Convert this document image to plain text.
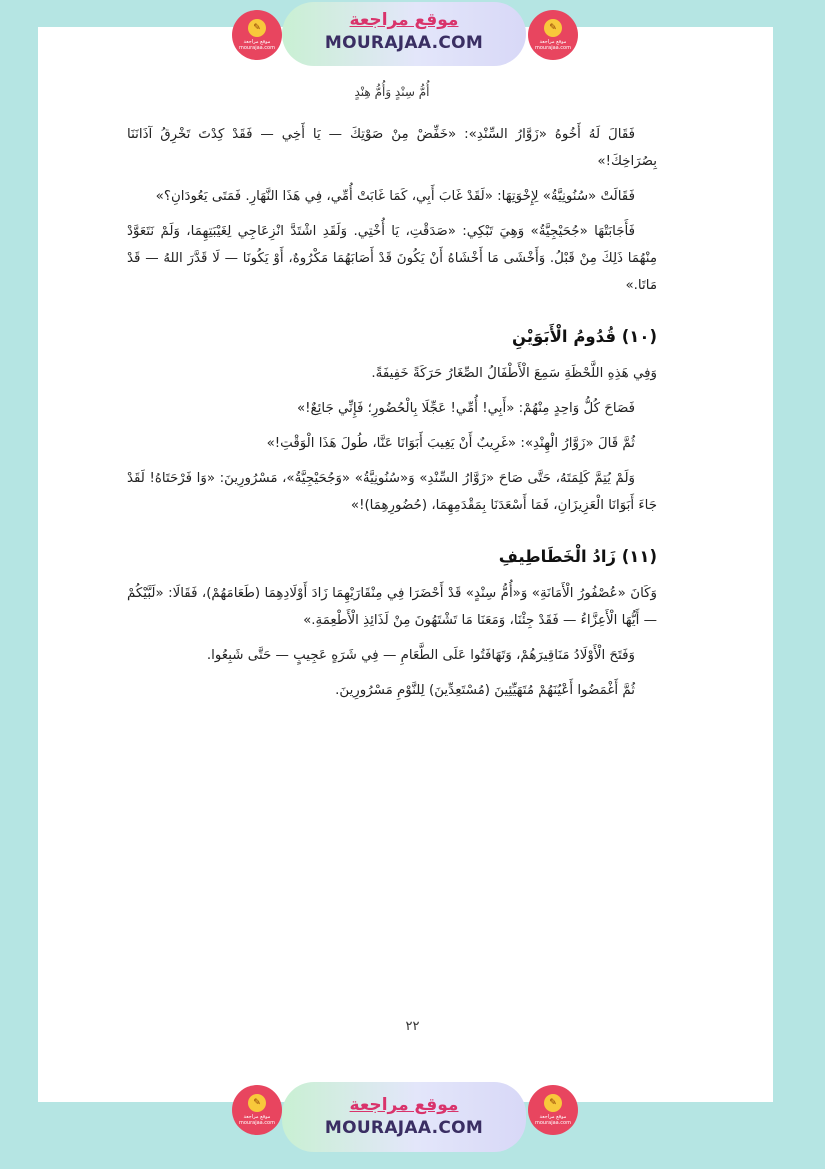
✎
موقع مراجعة mourajaa.com
موقع مراجعة
MOURAJAA.COM
✎
موقع مراجعة mourajaa.com
أُمُّ سِنْدٍ وَأُمُّ هِنْدٍ

فَقَالَ لَهُ أَخُوهُ «زَوَّارُ السِّنْدِ»: «خَفِّضْ مِنْ صَوْتِكَ — يَا أَخِي — فَقَدْ كِدْتَ تَخْرِقُ آذَانَنَا بِصُرَاخِكَ!»

فَقَالَتْ «سُنُونِيَّةُ» لِإِخْوَتِهَا: «لَقَدْ غَابَ أَبِي، كَمَا غَابَتْ أُمِّي، فِي هَذَا النَّهَارِ. فَمَتَى يَعُودَانِ؟»

فَأَجَابَتْهَا «جُحَيْجِيَّةُ» وَهِيَ تَبْكِي: «صَدَقْتِ، يَا أُخْتِي. وَلَقَدِ اشْتَدَّ انْزِعَاجِي لِغَيْبَتِهِمَا، وَلَمْ نَتَعَوَّدْ مِنْهُمَا ذَلِكَ مِنْ قَبْلُ. وَأَخْشَى مَا أَخْشَاهُ أَنْ يَكُونَ قَدْ أَصَابَهُمَا مَكْرُوهٌ، أَوْ يَكُونَا — لَا قَدَّرَ اللهُ — قَدْ مَاتَا.»

(١٠) قُدُومُ الْأَبَوَيْنِ

وَفِي هَذِهِ اللَّحْظَةِ سَمِعَ الْأَطْفَالُ الصِّغَارُ حَرَكَةً خَفِيفَةً.

فَصَاحَ كُلُّ وَاحِدٍ مِنْهُمْ: «أَبِي! أُمِّي! عَجِّلَا بِالْحُضُورِ؛ فَإِنِّي جَائِعٌ!»

ثُمَّ قَالَ «زَوَّارُ الْهِنْدِ»: «غَرِيبٌ أَنْ يَغِيبَ أَبَوَانَا عَنَّا، طُولَ هَذَا الْوَقْتِ!»

وَلَمْ يُتِمَّ كَلِمَتَهُ، حَتَّى صَاحَ «زَوَّارُ السِّنْدِ» وَ«سُنُونِيَّةُ» «وَجُحَيْجِيَّةُ»، مَسْرُورِينَ: «وَا فَرْحَتَاهُ! لَقَدْ جَاءَ أَبَوَانَا الْعَزِيزَانِ، فَمَا أَسْعَدَنَا بِمَقْدَمِهِمَا، (حُضُورِهِمَا)!»

(١١) زَادُ الْخَطَاطِيفِ

وَكَانَ «عُصْفُورُ الْأَمَانَةِ» وَ«أُمُّ سِنْدٍ» قَدْ أَحْضَرَا فِي مِنْقَارَيْهِمَا زَادَ أَوْلَادِهِمَا (طَعَامَهُمْ)، فَقَالَا: «لَبَّيْكُمْ — أَيُّهَا الْأَعِزَّاءُ — فَقَدْ جِئْنَا، وَمَعَنَا مَا تَشْتَهُونَ مِنْ لَذَائِذِ الْأَطْعِمَةِ.»

وَفَتَحَ الْأَوْلَادُ مَنَاقِيرَهُمْ، وَتَهَافَتُوا عَلَى الطَّعَامِ — فِي شَرَهٍ عَجِيبٍ — حَتَّى شَبِعُوا.

ثُمَّ أَغْمَضُوا أَعْيُنَهُمْ مُتَهَيِّئِينَ (مُسْتَعِدِّينَ) لِلنَّوْمِ مَسْرُورِينَ.

٢٢
✎
موقع مراجعة mourajaa.com
موقع مراجعة
MOURAJAA.COM
✎
موقع مراجعة mourajaa.com
